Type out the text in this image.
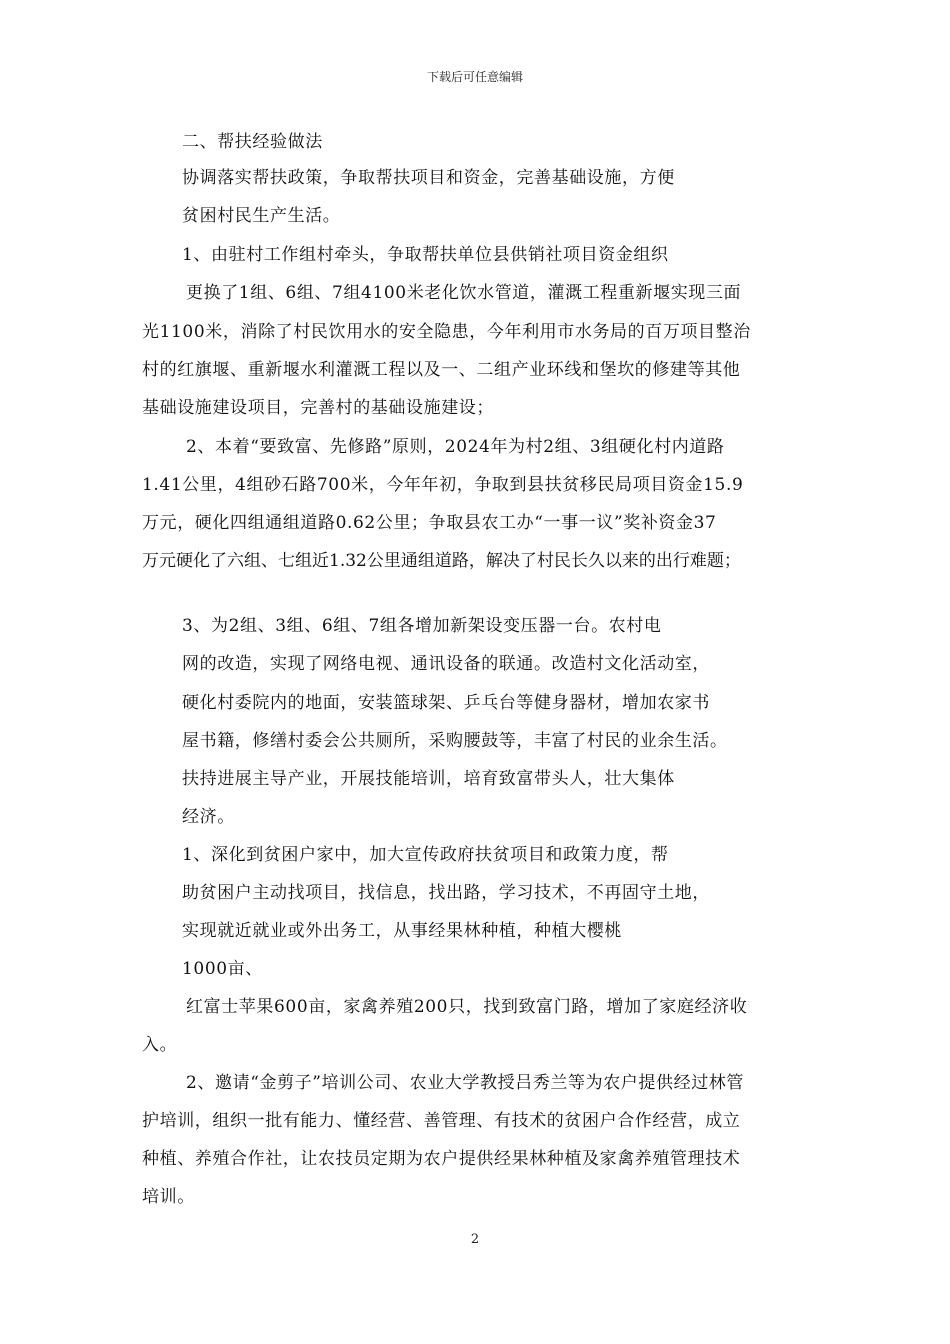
下载后可任意编辑
二、帮扶经验做法
协调落实帮扶政策，争取帮扶项目和资金，完善基础设施，方便
贫困村民生产生活。
1、由驻村工作组村牵头，争取帮扶单位县供销社项目资金组织
更换了1组、6组、7组4100米老化饮水管道，灌溉工程重新堰实现三面
光1100米，消除了村民饮用水的安全隐患，今年利用市水务局的百万项目整治
村的红旗堰、重新堰水利灌溉工程以及一、二组产业环线和堡坎的修建等其他
基础设施建设项目，完善村的基础设施建设；
2、本着“要致富、先修路”原则，2024年为村2组、3组硬化村内道路
1.41公里，4组砂石路700米，今年年初，争取到县扶贫移民局项目资金15.9
万元，硬化四组通组道路0.62公里；争取县农工办“一事一议”奖补资金37
万元硬化了六组、七组近1.32公里通组道路，解决了村民长久以来的出行难题；
3、为2组、3组、6组、7组各增加新架设变压器一台。农村电
网的改造，实现了网络电视、通讯设备的联通。改造村文化活动室，
硬化村委院内的地面，安装篮球架、乒乓台等健身器材，增加农家书
屋书籍，修缮村委会公共厕所，采购腰鼓等，丰富了村民的业余生活。
扶持进展主导产业，开展技能培训，培育致富带头人，壮大集体
经济。
1、深化到贫困户家中，加大宣传政府扶贫项目和政策力度，帮
助贫困户主动找项目，找信息，找出路，学习技术，不再固守土地，
实现就近就业或外出务工，从事经果林种植，种植大樱桃
1000亩、
红富士苹果600亩，家禽养殖200只，找到致富门路，增加了家庭经济收
入。
2、邀请“金剪子”培训公司、农业大学教授吕秀兰等为农户提供经过林管
护培训，组织一批有能力、懂经营、善管理、有技术的贫困户合作经营，成立
种植、养殖合作社，让农技员定期为农户提供经果林种植及家禽养殖管理技术
培训。
2
